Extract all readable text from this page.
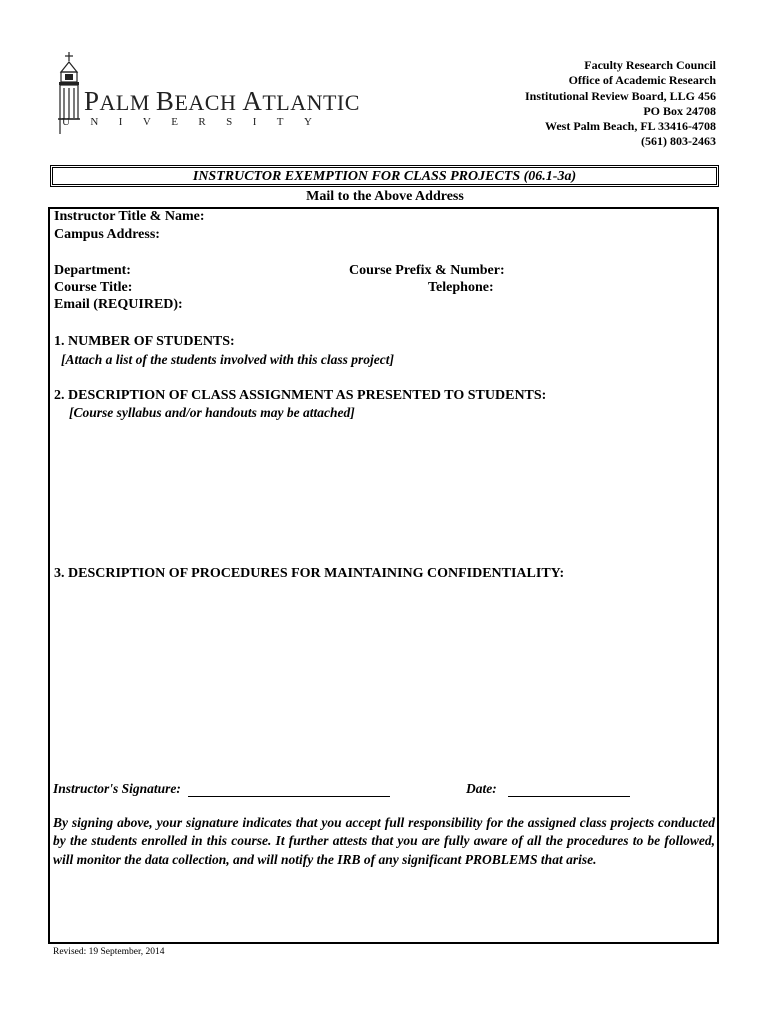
PALM BEACH ATLANTIC
U N I V E R S I T Y
Faculty Research Council
Office of Academic Research
Institutional Review Board, LLG 456
PO Box 24708
West Palm Beach, FL 33416-4708
(561) 803-2463
INSTRUCTOR EXEMPTION FOR CLASS PROJECTS (06.1-3a)
Mail to the Above Address
Instructor Title & Name:
Campus Address:
Department:
Course Title:
Email (REQUIRED):
Course Prefix & Number:
Telephone:
1. NUMBER OF STUDENTS:
[Attach a list of the students involved with this class project]
2. DESCRIPTION OF CLASS ASSIGNMENT AS PRESENTED TO STUDENTS:
[Course syllabus and/or handouts may be attached]
3. DESCRIPTION OF PROCEDURES FOR MAINTAINING CONFIDENTIALITY:
Instructor's Signature:	Date:
By signing above, your signature indicates that you accept full responsibility for the assigned class projects conducted by the students enrolled in this course. It further attests that you are fully aware of all the procedures to be followed, will monitor the data collection, and will notify the IRB of any significant PROBLEMS that arise.
Revised: 19 September, 2014
